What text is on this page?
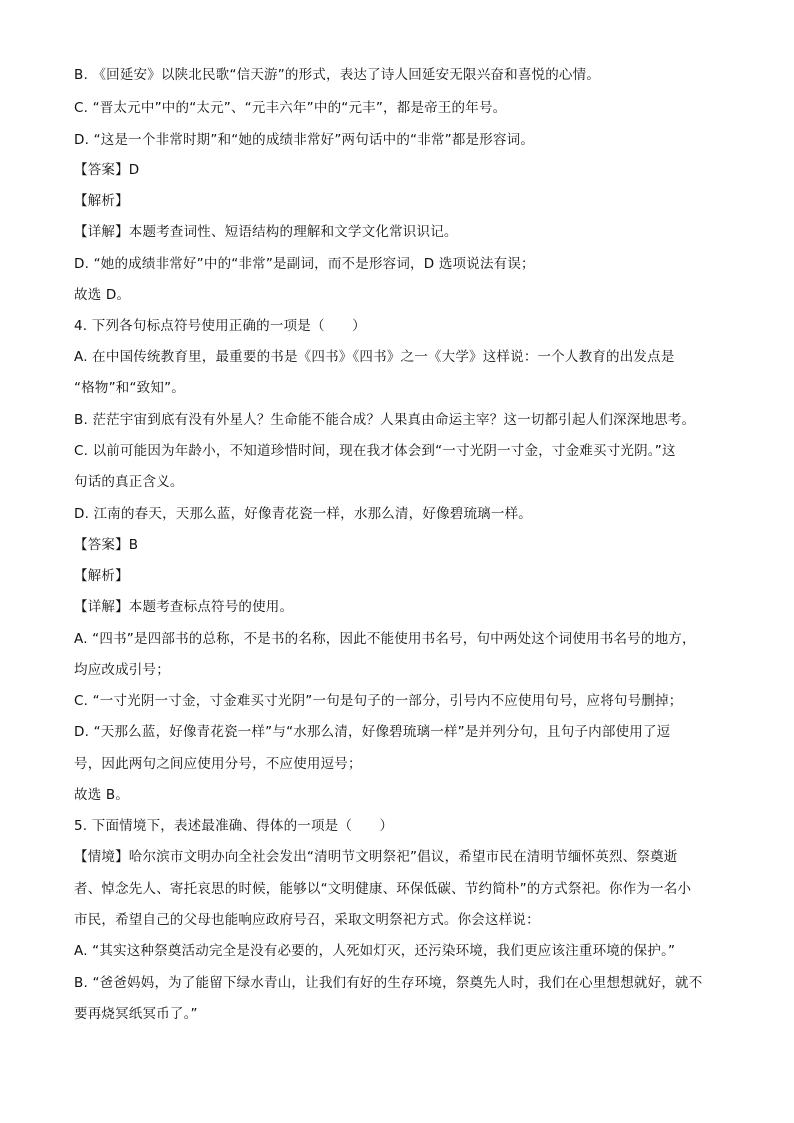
B. 《回延安》以陕北民歌“信天游”的形式，表达了诗人回延安无限兴奋和喜悦的心情。
C. “晋太元中”中的“太元”、“元丰六年”中的“元丰”，都是帝王的年号。
D. “这是一个非常时期”和“她的成绩非常好”两句话中的“非常”都是形容词。
【答案】D
【解析】
【详解】本题考查词性、短语结构的理解和文学文化常识识记。
D. “她的成绩非常好”中的“非常”是副词，而不是形容词，D 选项说法有误；
故选 D。
4. 下列各句标点符号使用正确的一项是（　　）
A. 在中国传统教育里，最重要的书是《四书》《四书》之一《大学》这样说：一个人教育的出发点是
“格物”和“致知”。
B. 茫茫宇宙到底有没有外星人？生命能不能合成？人果真由命运主宰？这一切都引起人们深深地思考。
C. 以前可能因为年龄小，不知道珍惜时间，现在我才体会到“一寸光阴一寸金，寸金难买寸光阴。”这
句话的真正含义。
D. 江南的春天，天那么蓝，好像青花瓷一样，水那么清，好像碧琉璃一样。
【答案】B
【解析】
【详解】本题考查标点符号的使用。
A. “四书”是四部书的总称，不是书的名称，因此不能使用书名号，句中两处这个词使用书名号的地方，
均应改成引号；
C. “一寸光阴一寸金，寸金难买寸光阴”一句是句子的一部分，引号内不应使用句号，应将句号删掉；
D. “天那么蓝，好像青花瓷一样”与“水那么清，好像碧琉璃一样”是并列分句，且句子内部使用了逗
号，因此两句之间应使用分号，不应使用逗号；
故选 B。
5. 下面情境下，表述最准确、得体的一项是（　　）
【情境】哈尔滨市文明办向全社会发出“清明节文明祭祀”倡议，希望市民在清明节缅怀英烈、祭奠逝
者、悼念先人、寄托哀思的时候，能够以“文明健康、环保低碳、节约简朴”的方式祭祀。你作为一名小
市民，希望自己的父母也能响应政府号召，采取文明祭祀方式。你会这样说：
A. “其实这种祭奠活动完全是没有必要的，人死如灯灭，还污染环境，我们更应该注重环境的保护。”
B. “爸爸妈妈，为了能留下绿水青山，让我们有好的生存环境，祭奠先人时，我们在心里想想就好，就不
要再烧冥纸冥币了。”
